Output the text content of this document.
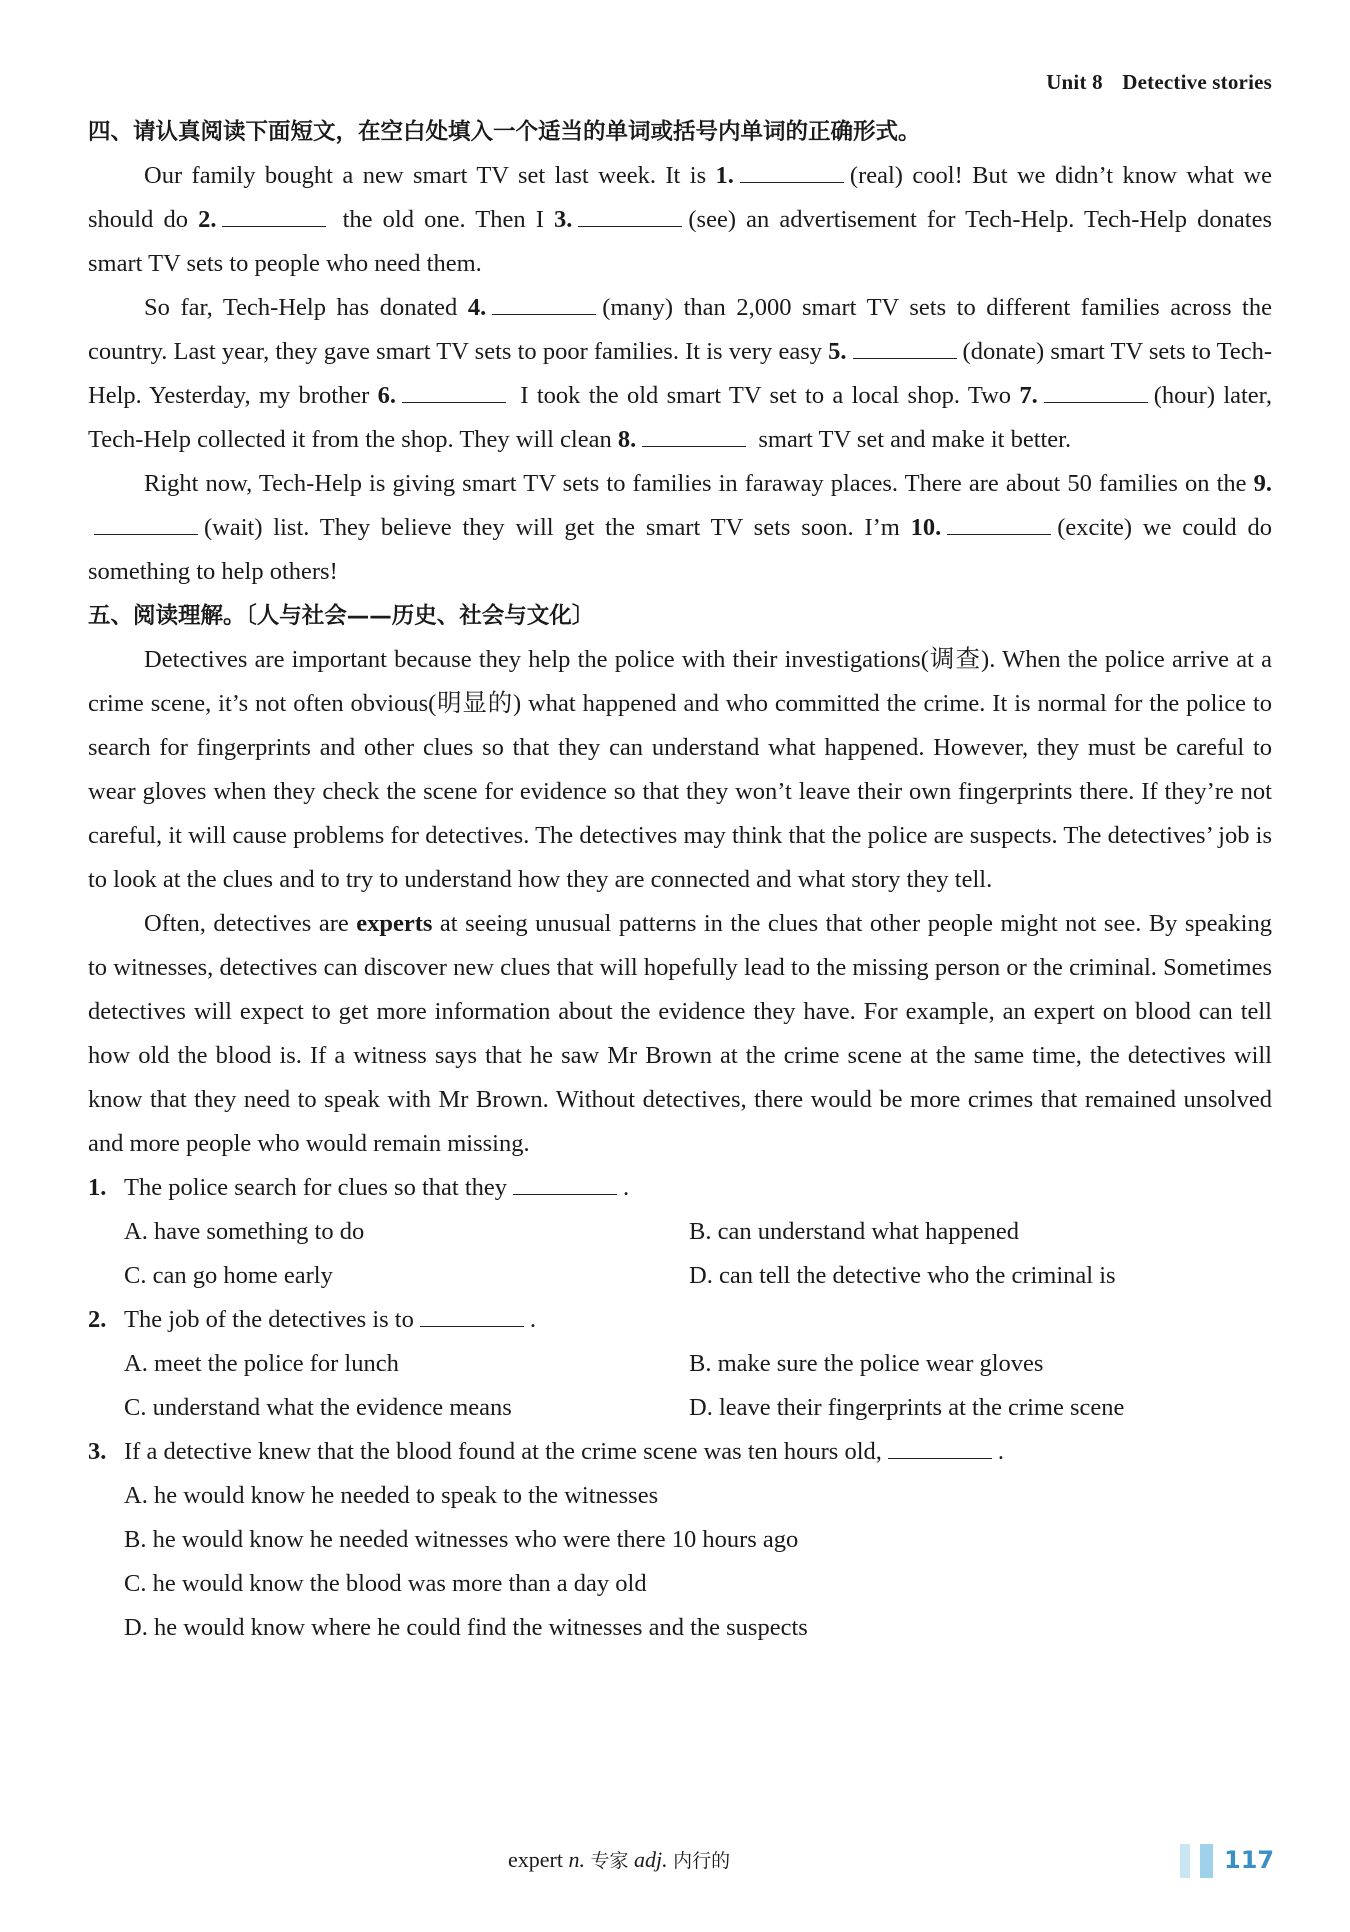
Unit 8 Detective stories
四、请认真阅读下面短文，在空白处填入一个适当的单词或括号内单词的正确形式。

Our family bought a new smart TV set last week. It is 1.	(real) cool! But we didn’t know what we should do 2.	the old one. Then I 3.	(see) an advertisement for Tech-Help. Tech-Help donates smart TV sets to people who need them.

So far, Tech-Help has donated 4.	(many) than 2,000 smart TV sets to different families across the country. Last year, they gave smart TV sets to poor families. It is very easy 5.	(donate) smart TV sets to Tech-Help. Yesterday, my brother 6.	I took the old smart TV set to a local shop. Two 7.	(hour) later, Tech-Help collected it from the shop. They will clean 8.	smart TV set and make it better.

Right now, Tech-Help is giving smart TV sets to families in faraway places. There are about 50 families on the 9.(wait) list. They believe they will get the smart TV sets soon. I’m 10.	(excite) we could do something to help others!

五、阅读理解。〔人与社会——历史、社会与文化〕

Detectives are important because they help the police with their investigations(调查). When the police arrive at a crime scene, it’s not often obvious(明显的) what happened and who committed the crime. It is normal for the police to search for fingerprints and other clues so that they can understand what happened. However, they must be careful to wear gloves when they check the scene for evidence so that they won’t leave their own fingerprints there. If they’re not careful, it will cause problems for detectives. The detectives may think that the police are suspects. The detectives’ job is to look at the clues and to try to understand how they are connected and what story they tell.

Often, detectives are experts at seeing unusual patterns in the clues that other people might not see. By speaking to witnesses, detectives can discover new clues that will hopefully lead to the missing person or the criminal. Sometimes detectives will expect to get more information about the evidence they have. For example, an expert on blood can tell how old the blood is. If a witness says that he saw Mr Brown at the crime scene at the same time, the detectives will know that they need to speak with Mr Brown. Without detectives, there would be more crimes that remained unsolved and more people who would remain missing.

1. The police search for clues so that they	.
A. have something to do	B. can understand what happened
C. can go home early	D. can tell the detective who the criminal is
2. The job of the detectives is to	.
A. meet the police for lunch	B. make sure the police wear gloves
C. understand what the evidence means	D. leave their fingerprints at the crime scene
3. If a detective knew that the blood found at the crime scene was ten hours old,	.
A. he would know he needed to speak to the witnesses
B. he would know he needed witnesses who were there 10 hours ago
C. he would know the blood was more than a day old
D. he would know where he could find the witnesses and the suspects
expert n. 专家 adj. 内行的	117
